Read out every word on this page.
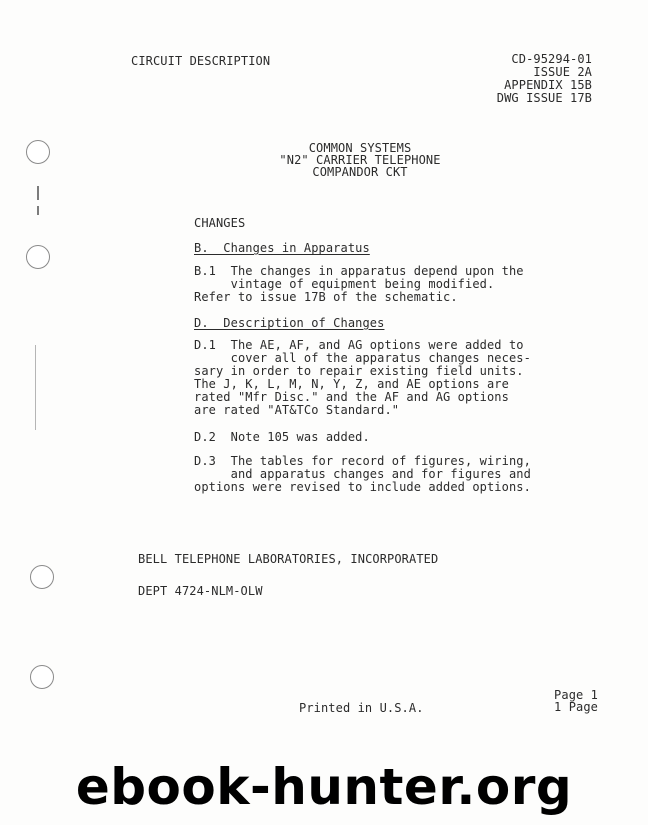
CIRCUIT DESCRIPTION	CD-95294-01
ISSUE 2A
APPENDIX 15B
DWG ISSUE 17B
COMMON SYSTEMS
"N2" CARRIER TELEPHONE
COMPANDOR CKT
CHANGES
B.  Changes in Apparatus
B.1  The changes in apparatus depend upon the
vintage of equipment being modified.
Refer to issue 17B of the schematic.
D.  Description of Changes
D.1  The AE, AF, and AG options were added to
cover all of the apparatus changes neces-
sary in order to repair existing field units.
The J, K, L, M, N, Y, Z, and AE options are
rated "Mfr Disc." and the AF and AG options
are rated "AT&TCo Standard."
D.2  Note 105 was added.
D.3  The tables for record of figures, wiring,
and apparatus changes and for figures and
options were revised to include added options.
BELL TELEPHONE LABORATORIES, INCORPORATED
DEPT 4724-NLM-OLW
Printed in U.S.A.
Page 1
1 Page
ebook-hunter.org
